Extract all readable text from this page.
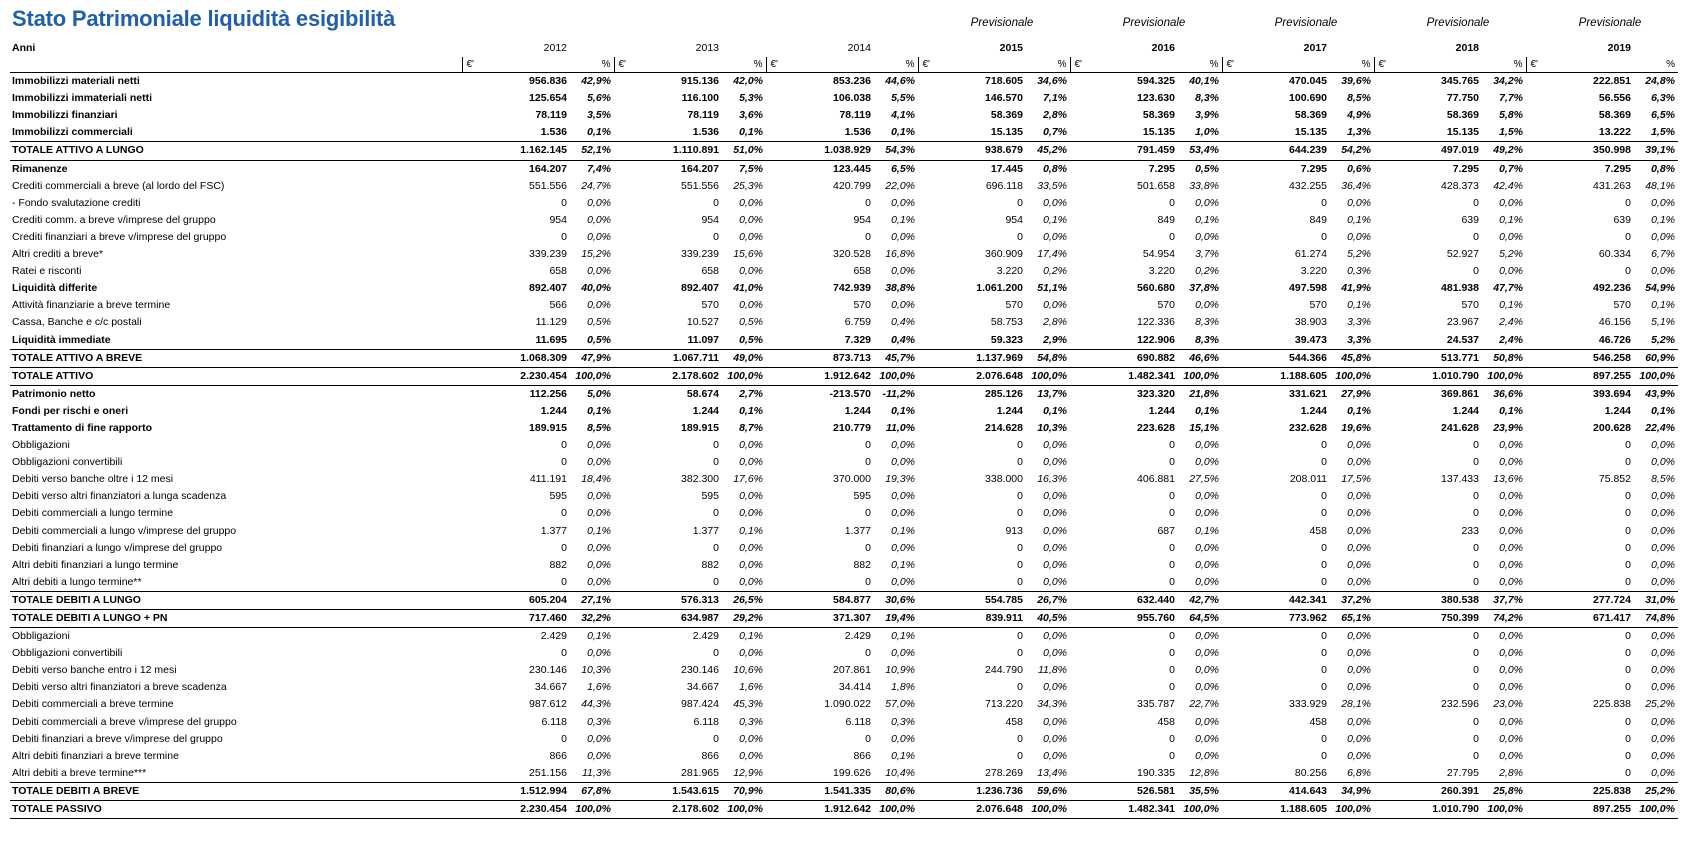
Stato Patrimoniale liquidità esigibilità	Previsionale	Previsionale	Previsionale	Previsionale	Previsionale
Anni	2012		2013		2014		2015		2016		2017		2018		2019	
	€'	%	€'	%	€'	%	€'	%	€'	%	€'	%	€'	%	€'	%
Immobilizzi materiali netti	956.836	42,9%	915.136	42,0%	853.236	44,6%	718.605	34,6%	594.325	40,1%	470.045	39,6%	345.765	34,2%	222.851	24,8%
Immobilizzi immateriali netti	125.654	5,6%	116.100	5,3%	106.038	5,5%	146.570	7,1%	123.630	8,3%	100.690	8,5%	77.750	7,7%	56.556	6,3%
Immobilizzi finanziari	78.119	3,5%	78.119	3,6%	78.119	4,1%	58.369	2,8%	58.369	3,9%	58.369	4,9%	58.369	5,8%	58.369	6,5%
Immobilizzi commerciali	1.536	0,1%	1.536	0,1%	1.536	0,1%	15.135	0,7%	15.135	1,0%	15.135	1,3%	15.135	1,5%	13.222	1,5%
TOTALE ATTIVO A LUNGO	1.162.145	52,1%	1.110.891	51,0%	1.038.929	54,3%	938.679	45,2%	791.459	53,4%	644.239	54,2%	497.019	49,2%	350.998	39,1%
Rimanenze	164.207	7,4%	164.207	7,5%	123.445	6,5%	17.445	0,8%	7.295	0,5%	7.295	0,6%	7.295	0,7%	7.295	0,8%
Crediti commerciali a breve (al lordo del FSC)	551.556	24,7%	551.556	25,3%	420.799	22,0%	696.118	33,5%	501.658	33,8%	432.255	36,4%	428.373	42,4%	431.263	48,1%
- Fondo svalutazione crediti	0	0,0%	0	0,0%	0	0,0%	0	0,0%	0	0,0%	0	0,0%	0	0,0%	0	0,0%
Crediti comm. a breve v/imprese del gruppo	954	0,0%	954	0,0%	954	0,1%	954	0,1%	849	0,1%	849	0,1%	639	0,1%	639	0,1%
Crediti finanziari a breve v/imprese del gruppo	0	0,0%	0	0,0%	0	0,0%	0	0,0%	0	0,0%	0	0,0%	0	0,0%	0	0,0%
Altri crediti a breve*	339.239	15,2%	339.239	15,6%	320.528	16,8%	360.909	17,4%	54.954	3,7%	61.274	5,2%	52.927	5,2%	60.334	6,7%
Ratei e risconti	658	0,0%	658	0,0%	658	0,0%	3.220	0,2%	3.220	0,2%	3.220	0,3%	0	0,0%	0	0,0%
Liquidità differite	892.407	40,0%	892.407	41,0%	742.939	38,8%	1.061.200	51,1%	560.680	37,8%	497.598	41,9%	481.938	47,7%	492.236	54,9%
Attività finanziarie a breve termine	566	0,0%	570	0,0%	570	0,0%	570	0,0%	570	0,0%	570	0,1%	570	0,1%	570	0,1%
Cassa, Banche e c/c postali	11.129	0,5%	10.527	0,5%	6.759	0,4%	58.753	2,8%	122.336	8,3%	38.903	3,3%	23.967	2,4%	46.156	5,1%
Liquidità immediate	11.695	0,5%	11.097	0,5%	7.329	0,4%	59.323	2,9%	122.906	8,3%	39.473	3,3%	24.537	2,4%	46.726	5,2%
TOTALE ATTIVO A BREVE	1.068.309	47,9%	1.067.711	49,0%	873.713	45,7%	1.137.969	54,8%	690.882	46,6%	544.366	45,8%	513.771	50,8%	546.258	60,9%
TOTALE ATTIVO	2.230.454	100,0%	2.178.602	100,0%	1.912.642	100,0%	2.076.648	100,0%	1.482.341	100,0%	1.188.605	100,0%	1.010.790	100,0%	897.255	100,0%
Patrimonio netto	112.256	5,0%	58.674	2,7%	-213.570	-11,2%	285.126	13,7%	323.320	21,8%	331.621	27,9%	369.861	36,6%	393.694	43,9%
Fondi per rischi e oneri	1.244	0,1%	1.244	0,1%	1.244	0,1%	1.244	0,1%	1.244	0,1%	1.244	0,1%	1.244	0,1%	1.244	0,1%
Trattamento di fine rapporto	189.915	8,5%	189.915	8,7%	210.779	11,0%	214.628	10,3%	223.628	15,1%	232.628	19,6%	241.628	23,9%	200.628	22,4%
Obbligazioni	0	0,0%	0	0,0%	0	0,0%	0	0,0%	0	0,0%	0	0,0%	0	0,0%	0	0,0%
Obbligazioni convertibili	0	0,0%	0	0,0%	0	0,0%	0	0,0%	0	0,0%	0	0,0%	0	0,0%	0	0,0%
Debiti verso banche oltre i 12 mesi	411.191	18,4%	382.300	17,6%	370.000	19,3%	338.000	16,3%	406.881	27,5%	208.011	17,5%	137.433	13,6%	75.852	8,5%
Debiti verso altri finanziatori a lunga scadenza	595	0,0%	595	0,0%	595	0,0%	0	0,0%	0	0,0%	0	0,0%	0	0,0%	0	0,0%
Debiti commerciali a lungo termine	0	0,0%	0	0,0%	0	0,0%	0	0,0%	0	0,0%	0	0,0%	0	0,0%	0	0,0%
Debiti commerciali a lungo v/imprese del gruppo	1.377	0,1%	1.377	0,1%	1.377	0,1%	913	0,0%	687	0,1%	458	0,0%	233	0,0%	0	0,0%
Debiti finanziari a lungo v/imprese del gruppo	0	0,0%	0	0,0%	0	0,0%	0	0,0%	0	0,0%	0	0,0%	0	0,0%	0	0,0%
Altri debiti finanziari a lungo termine	882	0,0%	882	0,0%	882	0,1%	0	0,0%	0	0,0%	0	0,0%	0	0,0%	0	0,0%
Altri debiti a lungo termine**	0	0,0%	0	0,0%	0	0,0%	0	0,0%	0	0,0%	0	0,0%	0	0,0%	0	0,0%
TOTALE DEBITI A LUNGO	605.204	27,1%	576.313	26,5%	584.877	30,6%	554.785	26,7%	632.440	42,7%	442.341	37,2%	380.538	37,7%	277.724	31,0%
TOTALE DEBITI A LUNGO + PN	717.460	32,2%	634.987	29,2%	371.307	19,4%	839.911	40,5%	955.760	64,5%	773.962	65,1%	750.399	74,2%	671.417	74,8%
Obbligazioni	2.429	0,1%	2.429	0,1%	2.429	0,1%	0	0,0%	0	0,0%	0	0,0%	0	0,0%	0	0,0%
Obbligazioni convertibili	0	0,0%	0	0,0%	0	0,0%	0	0,0%	0	0,0%	0	0,0%	0	0,0%	0	0,0%
Debiti verso banche entro i 12 mesi	230.146	10,3%	230.146	10,6%	207.861	10,9%	244.790	11,8%	0	0,0%	0	0,0%	0	0,0%	0	0,0%
Debiti verso altri finanziatori a breve scadenza	34.667	1,6%	34.667	1,6%	34.414	1,8%	0	0,0%	0	0,0%	0	0,0%	0	0,0%	0	0,0%
Debiti commerciali a breve termine	987.612	44,3%	987.424	45,3%	1.090.022	57,0%	713.220	34,3%	335.787	22,7%	333.929	28,1%	232.596	23,0%	225.838	25,2%
Debiti commerciali a breve v/imprese del gruppo	6.118	0,3%	6.118	0,3%	6.118	0,3%	458	0,0%	458	0,0%	458	0,0%	0	0,0%	0	0,0%
Debiti finanziari a breve v/imprese del gruppo	0	0,0%	0	0,0%	0	0,0%	0	0,0%	0	0,0%	0	0,0%	0	0,0%	0	0,0%
Altri debiti finanziari a breve termine	866	0,0%	866	0,0%	866	0,1%	0	0,0%	0	0,0%	0	0,0%	0	0,0%	0	0,0%
Altri debiti a breve termine***	251.156	11,3%	281.965	12,9%	199.626	10,4%	278.269	13,4%	190.335	12,8%	80.256	6,8%	27.795	2,8%	0	0,0%
TOTALE DEBITI A BREVE	1.512.994	67,8%	1.543.615	70,9%	1.541.335	80,6%	1.236.736	59,6%	526.581	35,5%	414.643	34,9%	260.391	25,8%	225.838	25,2%
TOTALE PASSIVO	2.230.454	100,0%	2.178.602	100,0%	1.912.642	100,0%	2.076.648	100,0%	1.482.341	100,0%	1.188.605	100,0%	1.010.790	100,0%	897.255	100,0%
